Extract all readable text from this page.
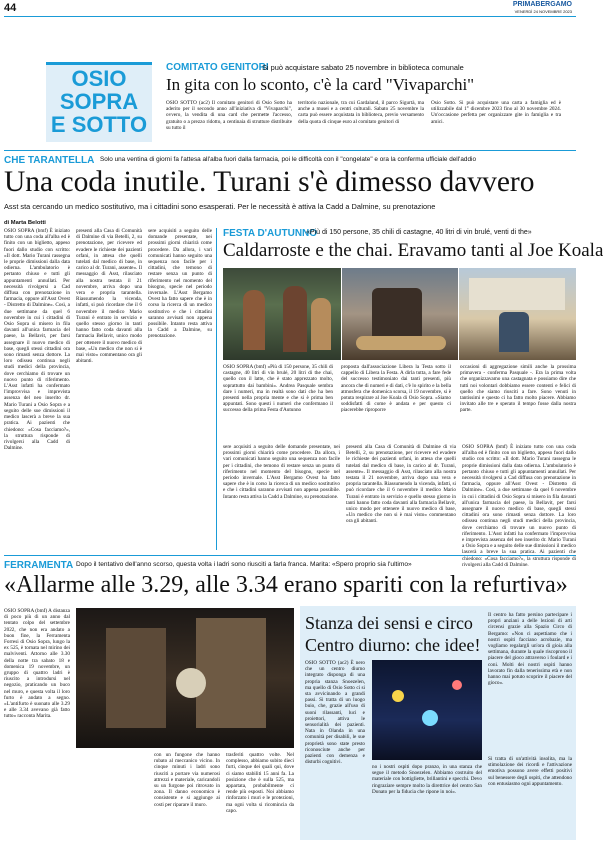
44	PRIMABERGAMO
VENERDÌ 24 NOVEMBRE 2023
OSIO
SOPRA
E SOTTO
COMITATO GENITORI
Si può acquistare sabato 25 novembre in biblioteca comunale
In gita con lo sconto, c'è la card "Vivaparchi"
OSIO SOTTO (ac2) Il comitato genitori di Osio Sotto ha aderito per il secondo anno all'iniziativa di "Vivaparchi", ovvero, la vendita di una card che permette l'accesso, gratuito o a prezzo ridotto, a centinaia di strutture distribuite su tutto il
territorio nazionale, tra cui Gardaland, il parco Sigurtà, ma anche a musei e a centri culturali. Sabato 25 novembre la carta può essere acquistata in biblioteca, previo versamento della quota di cinque euro al comitato genitori di
Osio Sotto. Si può acquistare una carta a famiglia ed è utilizzabile dal 1° dicembre 2023 fino al 30 novembre 2024. Un'occasione perfetta per organizzare gite in famiglia e tra amici.
CHE TARANTELLA Solo una ventina di giorni fa l'attesa all'alba fuori dalla farmacia, poi le difficoltà con il "congelate" e ora la conferma ufficiale dell'addio
Una coda inutile. Turani s'è dimesso davvero
Asst sta cercando un medico sostitutivo, ma i cittadini sono esasperati. Per le necessità è attiva la Cadd a Dalmine, su prenotazione
di Marta Belotti
OSIO SOPRA (bmf) È iniziato tutto con una coda all'alba ed è finito con un biglietto, appeso fuori dallo studio con scritto: «Il dott. Mario Turani rassegna le proprie dimissioni dalla data odierna. L'ambulatorio è pertanto chiuso e tutti gli appuntamenti annullati. Per necessità rivolgersi a Cad diffusa con prenotazione in farmacia, oppure all'Asst Ovest - Distretto di Dalmine». Così, a due settimane da quel 6 novembre in cui i cittadini di Osio Sopra si misero in fila davanti all'unica farmacia del paese, la Bellavit, per farsi assegnare il nuovo medico di base, quegli stessi cittadini ora sono rimasti senza dottore. La loro odissea continua negli studi medici della provincia, dove cerchiamo di trovare un nuovo punto di riferimento. L'Asst infatti ha confermato l'improvvisa e imprevista assenza del neo inserito dr. Mario Turani a Osio Sopra e a seguito delle sue dimissioni il medico lascerà a breve la sua pratica. Ai pazienti che chiedono: «Cosa facciamo?», la struttura risponde di rivolgersi alla Cadd di Dalmine.
presenti alla Casa di Comunità di Dalmine di via Betelli, 2, su prenotazione, per ricevere ed evadere le richieste dei pazienti orfani, in attesa che quelli tutelati dal medico di base, in carico al dr. Turani, assente». Il messaggio di Asst, rilasciato alla nostra testata il 21 novembre, arriva dopo una vera e propria tarantella. Riassumendo la vicenda, infatti, si può ricordare che il 6 novembre il medico Mario Turani è entrato in servizio e quello stesso giorno in tanti hanno fatto coda davanti alla farmacia Bellavit, unico modo per ottenere il nuovo medico di base, «Un medico che non si è mai visto» commentano ora gli abitanti.
sere acquisiti a seguito delle domande presentate, nei prossimi giorni chiarirà come procedere. Da allora, i vari comunicati hanno seguito una sequenza non facile per i cittadini, che temono di restare senza un punto di riferimento nel momento del bisogno, specie nel periodo invernale. L'Asst Bergamo Ovest ha fatto sapere che è in corso la ricerca di un medico sostitutivo e che i cittadini saranno avvisati non appena possibile. Intanto resta attiva la Cadd a Dalmine, su prenotazione.
FESTA D'AUTUNNO
«Più di 150 persone, 35 chili di castagne, 40 litri di vin brulé, venti di the»
Caldarroste e the chai. Eravamo tanti al Joe Koala
OSIO SOPRA (bmf) «Più di 150 persone, 35 chili di castagne, 40 litri di vin brulé, 20 litri di the chai, quello con il latte, che è stato apprezzato molto, soprattutto dai bambini». Andrea Pasquale sembra dare i numeri, ma in realtà sono dati che ha ben presenti nella propria mente e che si è prima ben appuntati. Sono questi i numeri che confermano il successo della prima Festa d'Autunno
proposta dall'associazione Libera la Testa sotto il cappello di Libera la Festa. A dirla tutta, a fare fede del successo testimoniato dai tanti presenti, più ancora che di numeri e di dati, c'è lo spirito e la bella atmosfera che domenica scorsa, il 19 novembre, si è potuta respirare al Joe Koala di Osio Sopra. «Siamo soddisfatti di come è andata e per questo ci piacerebbe riproporre
occasioni di aggregazione simili anche la prossima primavera - conferma Pasquale -. Era la prima volta che organizzavamo una castagnata e possiamo dire che tutti noi volontari dobbiamo essere contenti e felici di quello che siamo riusciti a fare. Sono venuti in tantissimi e questo ci ha fatto molto piacere. Abbiamo invitato alle tre e sperato il tempo fosse dalla nostra parte.
sere acquisiti a seguito delle domande presentate, nei prossimi giorni chiarirà come procedere. Da allora, i vari comunicati hanno seguito una sequenza non facile per i cittadini, che temono di restare senza un punto di riferimento nel momento del bisogno, specie nel periodo invernale. L'Asst Bergamo Ovest ha fatto sapere che è in corso la ricerca di un medico sostitutivo e che i cittadini saranno avvisati non appena possibile. Intanto resta attiva la Cadd a Dalmine, su prenotazione.
presenti alla Casa di Comunità di Dalmine di via Betelli, 2, su prenotazione, per ricevere ed evadere le richieste dei pazienti orfani, in attesa che quelli tutelati dal medico di base, in carico al dr. Turani, assente». Il messaggio di Asst, rilasciato alla nostra testata il 21 novembre, arriva dopo una vera e propria tarantella. Riassumendo la vicenda, infatti, si può ricordare che il 6 novembre il medico Mario Turani è entrato in servizio e quello stesso giorno in tanti hanno fatto coda davanti alla farmacia Bellavit, unico modo per ottenere il nuovo medico di base, «Un medico che non si è mai visto» commentano ora gli abitanti.
OSIO SOPRA (bmf) È iniziato tutto con una coda all'alba ed è finito con un biglietto, appeso fuori dallo studio con scritto: «Il dott. Mario Turani rassegna le proprie dimissioni dalla data odierna. L'ambulatorio è pertanto chiuso e tutti gli appuntamenti annullati. Per necessità rivolgersi a Cad diffusa con prenotazione in farmacia, oppure all'Asst Ovest - Distretto di Dalmine». Così, a due settimane da quel 6 novembre in cui i cittadini di Osio Sopra si misero in fila davanti all'unica farmacia del paese, la Bellavit, per farsi assegnare il nuovo medico di base, quegli stessi cittadini ora sono rimasti senza dottore. La loro odissea continua negli studi medici della provincia, dove cerchiamo di trovare un nuovo punto di riferimento. L'Asst infatti ha confermato l'improvvisa e imprevista assenza del neo inserito dr. Mario Turani a Osio Sopra e a seguito delle sue dimissioni il medico lascerà a breve la sua pratica. Ai pazienti che chiedono: «Cosa facciamo?», la struttura risponde di rivolgersi alla Cadd di Dalmine.
FERRAMENTA Dopo il tentativo dell'anno scorso, questa volta i ladri sono riusciti a farla franca. Marita: «Spero proprio sia l'ultimo»
«Allarme alle 3.29, alle 3.34 erano spariti con la refurtiva»
OSIO SOPRA (bmf) A distanza di poco più di un anno dal tentato colpo del settembre 2022, che non era andato a buon fine, la Ferramenta Forresi di Osio Sopra, lungo la ex 525, è tornata nel mirino dei malviventi. Attorno alle 3.30 della notte tra sabato 18 e domenica 19 novembre, un gruppo di quattro ladri è riuscito a introdursi nel negozio, praticando un buco nel muro, e questa volta il loro furto è andato a segno. «L'antifurto è suonato alle 3.29 e alle 3.34 avevano già fatto tutto» racconta Marita.
con un fungone che hanno rubato al meccanico vicino. In cinque minuti i ladri sono riusciti a portare via numerosi attrezzi e materiale, caricandoli su un furgone poi ritrovato in zona. Il danno economico è consistente e si aggiunge ai costi per riparare il muro.
trasferiti quattro volte. Nel complesso, abbiamo subito dieci furti, cinque dei quali qui, dove ci siamo stabiliti 15 anni fa. La posizione che è sulla 525, ma appartata, probabilmente ci rende più esposti. Noi abbiamo rinforzato i muri e le protezioni, ma ogni volta si ricomincia da capo.
Stanza dei sensi e circo Centro diurno: che idee!
OSIO SOTTO (ac2) È nero che un centro diurno integrato disponga di una propria stanza Snoezelen, ma quello di Osio Sotto ci si sta avvicinando a grandi passi. Si tratta di un luogo buio, che, grazie all'uso di suoni rilassanti, luci e proiettori, attiva le sensorialità dei pazienti. Nata in Olanda in una comunità per disabili, le sue proprietà sono state presto riconosciute anche per pazienti con demenza e disturbi cognitivi.
no i nostri ospiti dopo pranzo, in una stanza che segue il metodo Snoezelen. Abbiamo costruito del materiale con bottigliette, brillantini e specchi. Devo ringraziare sempre molto la direttrice del centro San Donato per la fiducia che ripone in noi».
Il centro ha fatto persino partecipare i propri anziani a delle lezioni di arti circensi grazie alla Spazio Circo di Bergamo: «Non ci aspettiamo che i nostri ospiti facciano acrobazie, ma vogliamo regalargli un'ora di gioia alla settimana, durante la quale riscoprono il piacere del gioco attraverso i foulard e i coni. Molti dei nostri ospiti hanno lavorato fin dalla tenerissima età e non hanno mai potuto scoprire il piacere del gioco».
Si tratta di un'attività insolita, ma la stimolazione dei ricordi e l'attivazione emotiva possono avere effetti positivi sul benessere degli ospiti, che attendono con entusiasmo ogni appuntamento.
